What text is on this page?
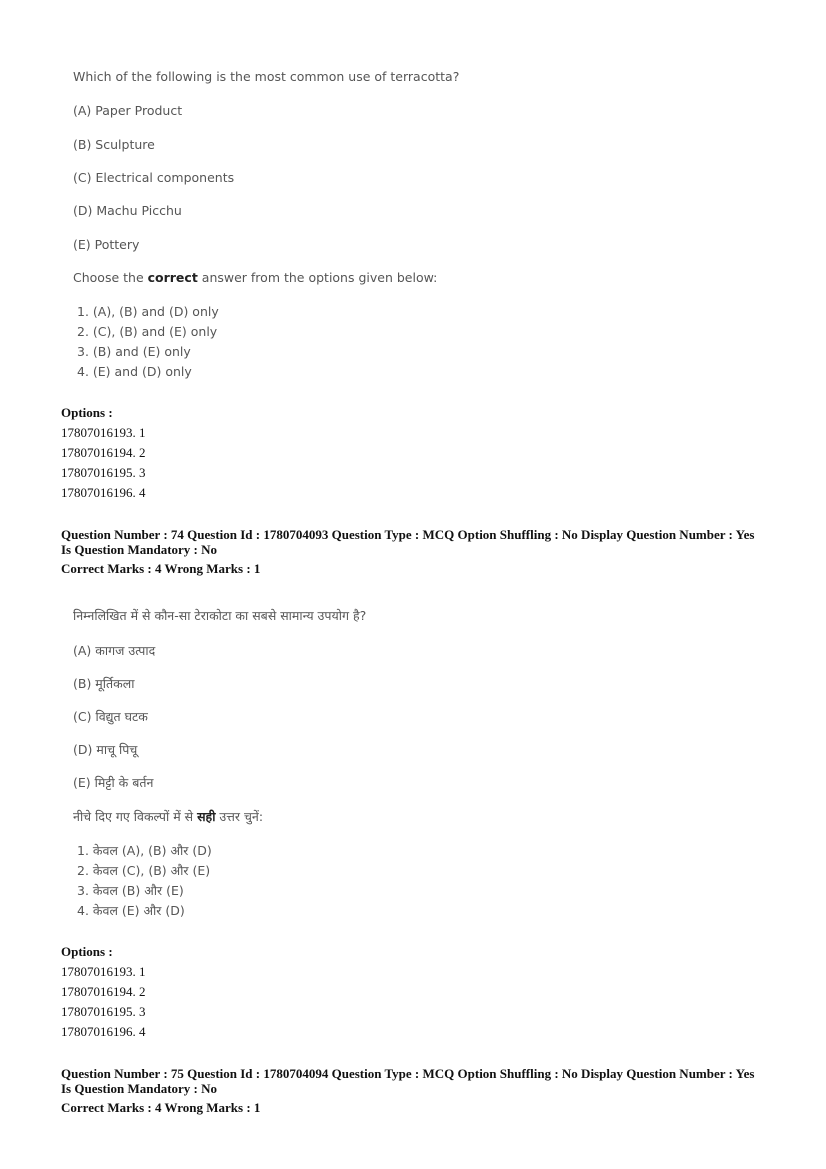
Which of the following is the most common use of terracotta?
(A) Paper Product
(B) Sculpture
(C) Electrical components
(D) Machu Picchu
(E) Pottery
Choose the correct answer from the options given below:
1. (A), (B) and (D) only
2. (C), (B) and (E) only
3. (B) and (E) only
4. (E) and (D) only
Options :
17807016193. 1
17807016194. 2
17807016195. 3
17807016196. 4
Question Number : 74 Question Id : 1780704093 Question Type : MCQ Option Shuffling : No Display Question Number : Yes
Is Question Mandatory : No
Correct Marks : 4 Wrong Marks : 1
निम्नलिखित में से कौन-सा टेराकोटा का सबसे सामान्य उपयोग है?
(A) कागज उत्पाद
(B) मूर्तिकला
(C) विद्युत घटक
(D) माचू पिचू
(E) मिट्टी के बर्तन
नीचे दिए गए विकल्पों में से सही उत्तर चुनें:
1. केवल (A), (B) और (D)
2. केवल (C), (B) और (E)
3. केवल (B) और (E)
4. केवल (E) और (D)
Options :
17807016193. 1
17807016194. 2
17807016195. 3
17807016196. 4
Question Number : 75 Question Id : 1780704094 Question Type : MCQ Option Shuffling : No Display Question Number : Yes
Is Question Mandatory : No
Correct Marks : 4 Wrong Marks : 1
